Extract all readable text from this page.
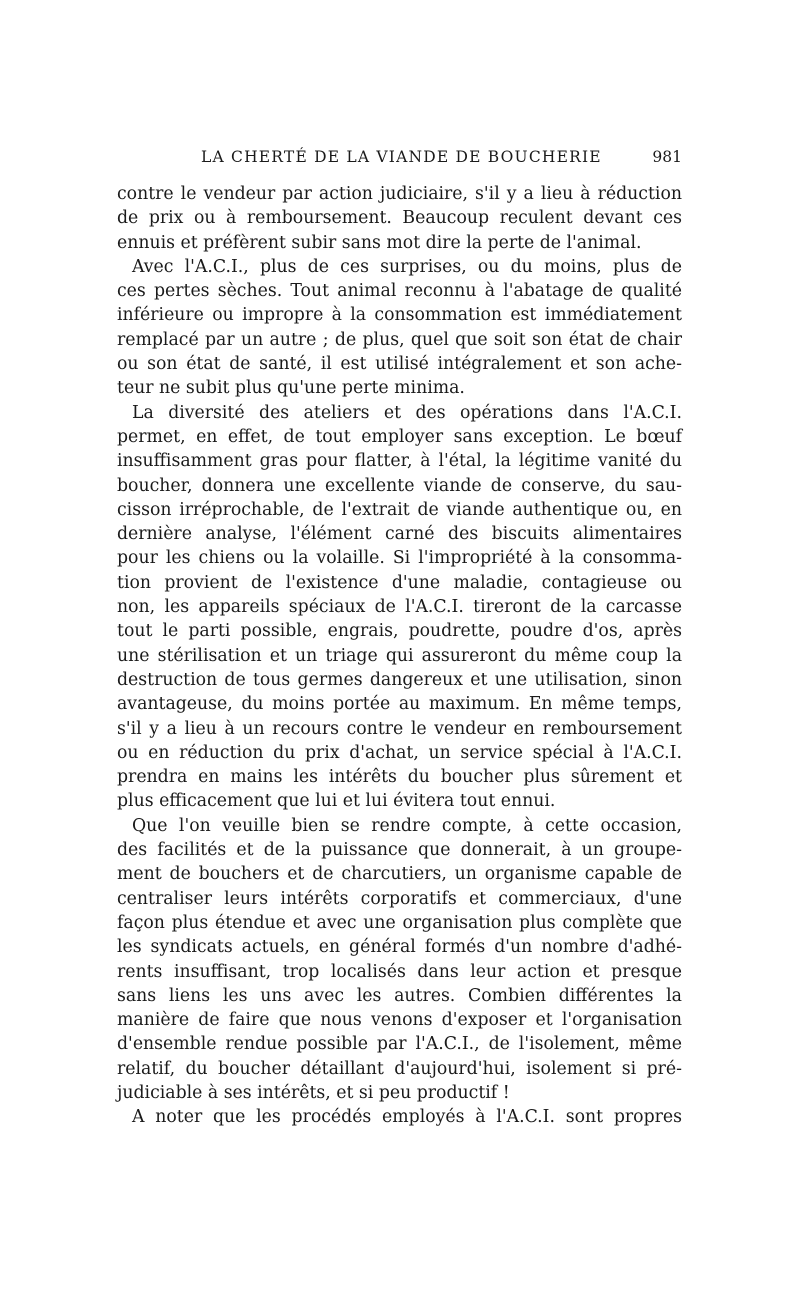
LA CHERTÉ DE LA VIANDE DE BOUCHERIE	981
contre le vendeur par action judiciaire, s'il y a lieu à réduction
de prix ou à remboursement. Beaucoup reculent devant ces
ennuis et préfèrent subir sans mot dire la perte de l'animal.
Avec l'A.C.I., plus de ces surprises, ou du moins, plus de
ces pertes sèches. Tout animal reconnu à l'abatage de qualité
inférieure ou impropre à la consommation est immédiatement
remplacé par un autre ; de plus, quel que soit son état de chair
ou son état de santé, il est utilisé intégralement et son ache-
teur ne subit plus qu'une perte minima.
La diversité des ateliers et des opérations dans l'A.C.I.
permet, en effet, de tout employer sans exception. Le bœuf
insuffisamment gras pour flatter, à l'étal, la légitime vanité du
boucher, donnera une excellente viande de conserve, du sau-
cisson irréprochable, de l'extrait de viande authentique ou, en
dernière analyse, l'élément carné des biscuits alimentaires
pour les chiens ou la volaille. Si l'impropriété à la consomma-
tion provient de l'existence d'une maladie, contagieuse ou
non, les appareils spéciaux de l'A.C.I. tireront de la carcasse
tout le parti possible, engrais, poudrette, poudre d'os, après
une stérilisation et un triage qui assureront du même coup la
destruction de tous germes dangereux et une utilisation, sinon
avantageuse, du moins portée au maximum. En même temps,
s'il y a lieu à un recours contre le vendeur en remboursement
ou en réduction du prix d'achat, un service spécial à l'A.C.I.
prendra en mains les intérêts du boucher plus sûrement et
plus efficacement que lui et lui évitera tout ennui.
Que l'on veuille bien se rendre compte, à cette occasion,
des facilités et de la puissance que donnerait, à un groupe-
ment de bouchers et de charcutiers, un organisme capable de
centraliser leurs intérêts corporatifs et commerciaux, d'une
façon plus étendue et avec une organisation plus complète que
les syndicats actuels, en général formés d'un nombre d'adhé-
rents insuffisant, trop localisés dans leur action et presque
sans liens les uns avec les autres. Combien différentes la
manière de faire que nous venons d'exposer et l'organisation
d'ensemble rendue possible par l'A.C.I., de l'isolement, même
relatif, du boucher détaillant d'aujourd'hui, isolement si pré-
judiciable à ses intérêts, et si peu productif !
A noter que les procédés employés à l'A.C.I. sont propres
